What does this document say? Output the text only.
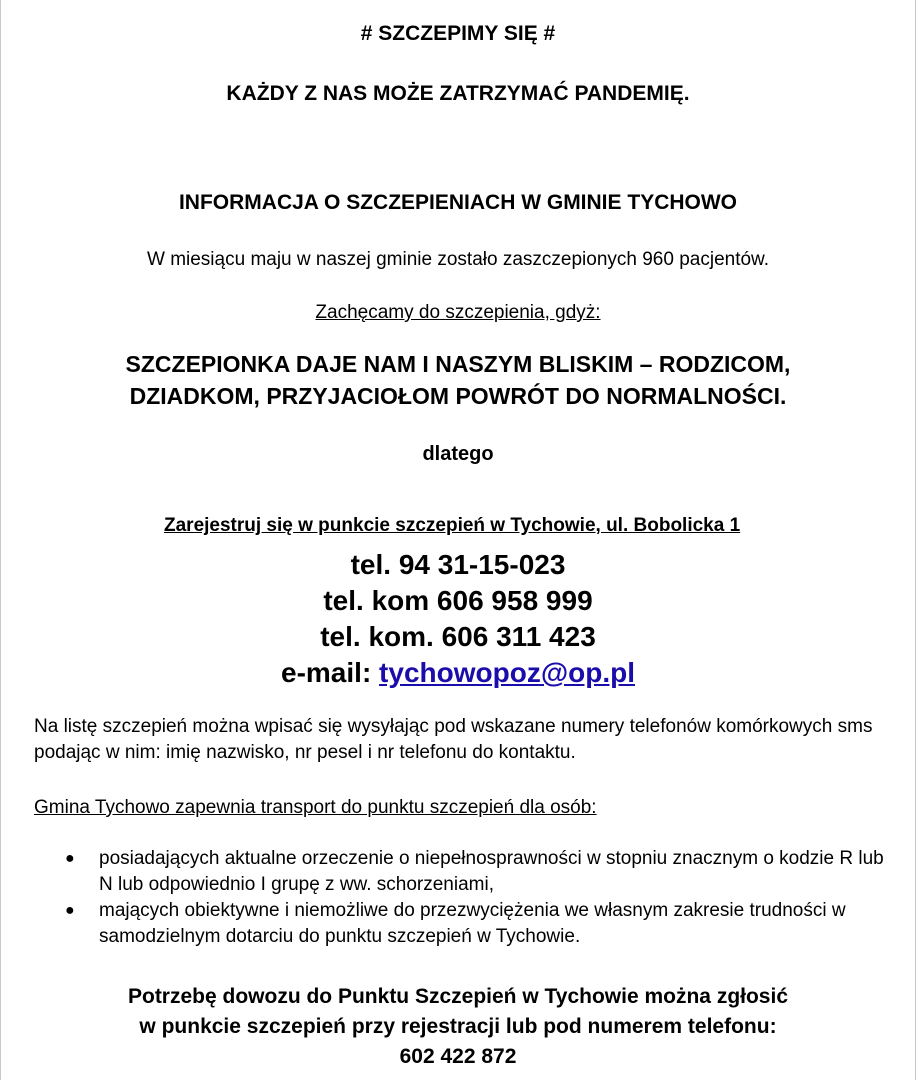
# SZCZEPIMY SIĘ #

KAŻDY Z NAS MOŻE ZATRZYMAĆ PANDEMIĘ.

INFORMACJA O SZCZEPIENIACH W GMINIE TYCHOWO

W miesiącu maju w naszej gminie zostało zaszczepionych 960 pacjentów.

Zachęcamy do szczepienia, gdyż:

SZCZEPIONKA DAJE NAM I NASZYM BLISKIM – RODZICOM,
DZIADKOM, PRZYJACIOŁOM POWRÓT DO NORMALNOŚCI.

dlatego

Zarejestruj się w punkcie szczepień w Tychowie, ul. Bobolicka 1

tel. 94 31-15-023
tel. kom 606 958 999
tel. kom. 606 311 423
e-mail: tychowopoz@op.pl

Na listę szczepień można wpisać się wysyłając pod wskazane numery telefonów komórkowych sms podając w nim: imię nazwisko, nr pesel i nr telefonu do kontaktu.

Gmina Tychowo zapewnia transport do punktu szczepień dla osób:

● posiadających aktualne orzeczenie o niepełnosprawności w stopniu znacznym o kodzie R lub N lub odpowiednio I grupę z ww. schorzeniami,
● mających obiektywne i niemożliwe do przezwyciężenia we własnym zakresie trudności w samodzielnym dotarciu do punktu szczepień w Tychowie.
Potrzebę dowozu do Punktu Szczepień w Tychowie można zgłosić
w punkcie szczepień przy rejestracji lub pod numerem telefonu:
602 422 872
